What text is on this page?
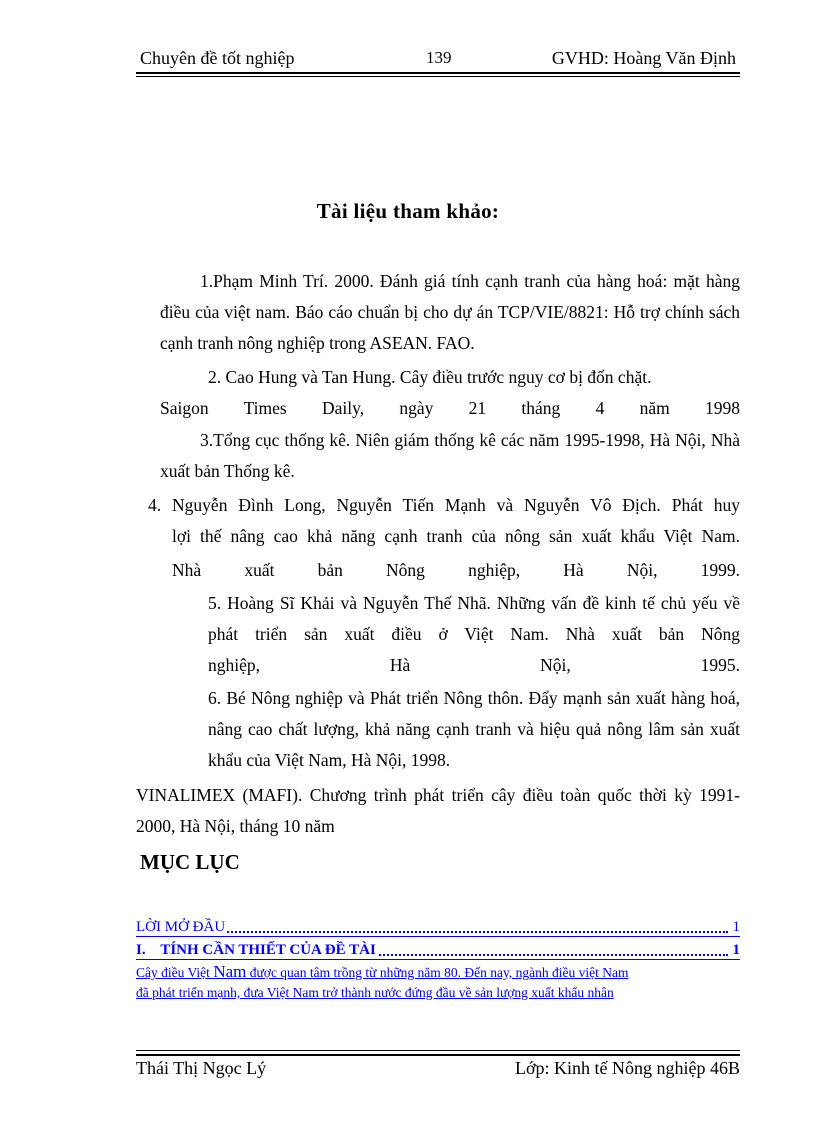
Chuyên đề tốt nghiệp	139	GVHD: Hoàng Văn Định
Tài liệu tham khảo:
1.Phạm Minh Trí. 2000. Đánh giá tính cạnh tranh của hàng hoá: mặt hàng điều của việt nam. Báo cáo chuẩn bị cho dự án TCP/VIE/8821: Hỗ trợ chính sách cạnh tranh nông nghiệp trong ASEAN. FAO.
2. Cao Hung và Tan Hung. Cây điều trước nguy cơ bị đốn chặt.
Saigon Times Daily, ngày 21 tháng 4 năm 1998
3.Tổng cục thống kê. Niên giám thống kê các năm 1995-1998, Hà Nội, Nhà xuất bản Thống kê.
4. Nguyễn Đình Long, Nguyễn Tiến Mạnh và Nguyễn Vô Địch. Phát huy
lợi thế nâng cao khả năng cạnh tranh của nông sản xuất khẩu Việt Nam.
Nhà xuất bản Nông nghiệp, Hà Nội, 1999.
5. Hoàng Sĩ Khải và Nguyễn Thế Nhã. Những vấn đề kinh tế chủ yếu về phát triển sản xuất điều ở Việt Nam. Nhà xuất bản Nông
nghiệp, Hà Nội, 1995.
6. Bé Nông nghiệp và Phát triển Nông thôn. Đẩy mạnh sản xuất hàng hoá, nâng cao chất lượng, khả năng cạnh tranh và hiệu quả nông lâm sản xuất khẩu của Việt Nam, Hà Nội, 1998.
VINALIMEX (MAFI). Chương trình phát triển cây điều toàn quốc thời kỳ 1991-2000, Hà Nội, tháng 10 năm
MỤC LỤC
LỜI MỞ ĐẦU	1
I.    TÍNH CẦN THIẾT CỦA ĐỀ TÀI	1
Cây điều Việt Nam được quan tâm trồng từ những năm 80. Đến nay, ngành điều việt Nam
đã phát triển mạnh, đưa Việt Nam trở thành nước đứng đầu về sản lượng xuất khẩu nhân
Thái Thị Ngọc Lý	Lớp: Kinh tế Nông nghiệp 46B
